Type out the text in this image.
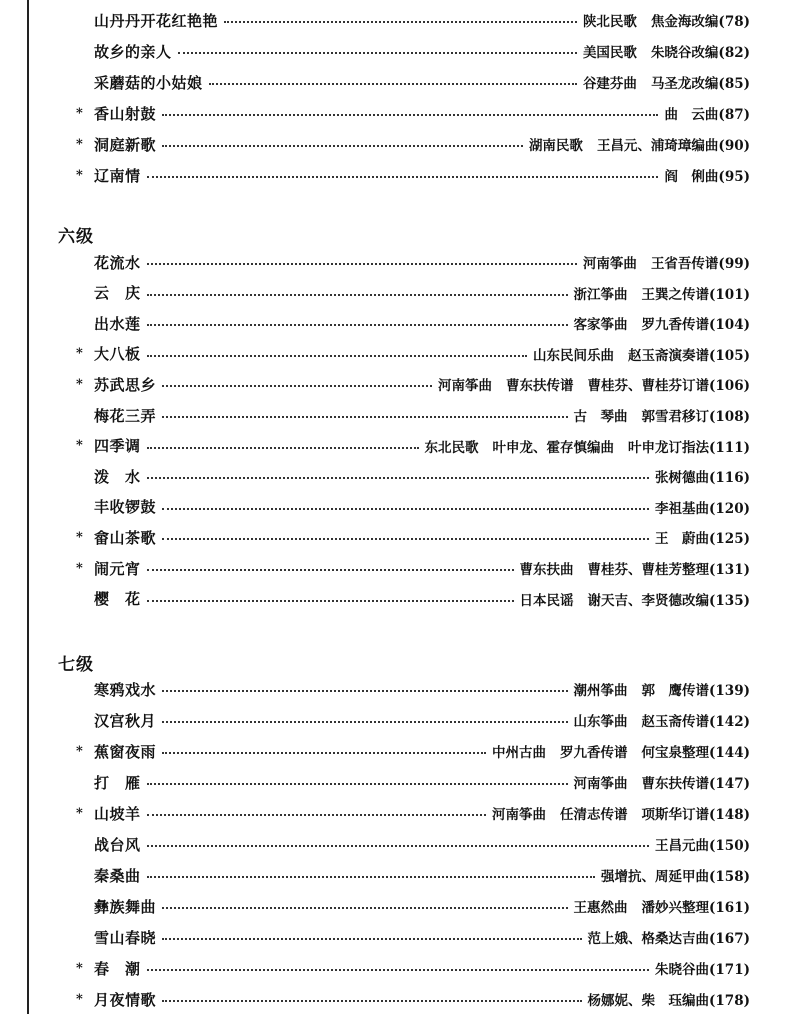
山丹丹开花红艳艳	陕北民歌 焦金海改编(78)
故乡的亲人	美国民歌 朱晓谷改编(82)
采蘑菇的小姑娘	谷建芬曲 马圣龙改编(85)
* 香山射鼓	曲　云曲(87)
* 洞庭新歌	湖南民歌 王昌元、浦琦璋编曲(90)
* 辽南情	阎　俐曲(95)
六级
花流水	河南筝曲 王省吾传谱(99)
云　庆	浙江筝曲 王巽之传谱(101)
出水莲	客家筝曲 罗九香传谱(104)
* 大八板	山东民间乐曲 赵玉斋演奏谱(105)
* 苏武思乡	河南筝曲 曹东扶传谱 曹桂芬、曹桂芬订谱(106)
梅花三弄	古　琴曲 郭雪君移订(108)
* 四季调	东北民歌 叶申龙、霍存慎编曲 叶申龙订指法(111)
泼　水	张树德曲(116)
丰收锣鼓	李祖基曲(120)
* 畲山茶歌	王　蔚曲(125)
* 闹元宵	曹东扶曲 曹桂芬、曹桂芳整理(131)
樱　花	日本民谣 谢天吉、李贤德改编(135)
七级
寒鸦戏水	潮州筝曲 郭　鹰传谱(139)
汉宫秋月	山东筝曲 赵玉斋传谱(142)
* 蕉窗夜雨	中州古曲 罗九香传谱 何宝泉整理(144)
打　雁	河南筝曲 曹东扶传谱(147)
* 山坡羊	河南筝曲 任清志传谱 项斯华订谱(148)
战台风	王昌元曲(150)
秦桑曲	强增抗、周延甲曲(158)
彝族舞曲	王惠然曲 潘妙兴整理(161)
雪山春晓	范上娥、格桑达吉曲(167)
* 春　潮	朱晓谷曲(171)
* 月夜情歌	杨娜妮、柴　珏编曲(178)
